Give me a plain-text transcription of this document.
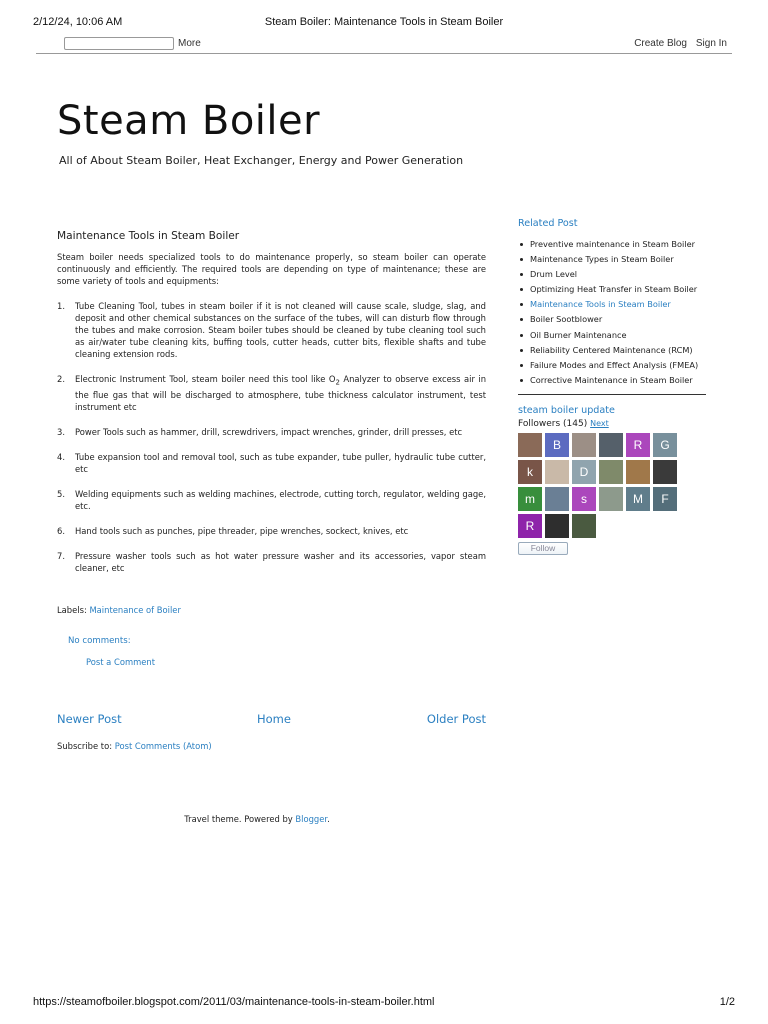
2/12/24, 10:06 AM	Steam Boiler: Maintenance Tools in Steam Boiler
More	Create Blog Sign In
Steam Boiler
All of About Steam Boiler, Heat Exchanger, Energy and Power Generation
Maintenance Tools in Steam Boiler

Steam boiler needs specialized tools to do maintenance properly, so steam boiler can operate continuously and efficiently. The required tools are depending on type of maintenance; these are some variety of tools and equipments:

1. Tube Cleaning Tool, tubes in steam boiler if it is not cleaned will cause scale, sludge, slag, and deposit and other chemical substances on the surface of the tubes, will can disturb flow through the tubes and make corrosion. Steam boiler tubes should be cleaned by tube cleaning tool such as air/water tube cleaning kits, buffing tools, cutter heads, cutter bits, flexible shafts and tube cleaning extension rods.
2. Electronic Instrument Tool, steam boiler need this tool like $O_2$ Analyzer to observe excess air in the flue gas that will be discharged to atmosphere, tube thickness calculator instrument, test instrument etc
3. Power Tools such as hammer, drill, screwdrivers, impact wrenches, grinder, drill presses, etc
4. Tube expansion tool and removal tool, such as tube expander, tube puller, hydraulic tube cutter, etc
5. Welding equipments such as welding machines, electrode, cutting torch, regulator, welding gage, etc.
6. Hand tools such as punches, pipe threader, pipe wrenches, sockect, knives, etc
7. Pressure washer tools such as hot water pressure washer and its accessories, vapor steam cleaner, etc
Labels: Maintenance of Boiler
No comments:
Post a Comment
Newer Post	Home	Older Post
Subscribe to: Post Comments (Atom)
Travel theme. Powered by Blogger.
Related Post
Preventive maintenance in Steam Boiler
Maintenance Types in Steam Boiler
Drum Level
Optimizing Heat Transfer in Steam Boiler
Maintenance Tools in Steam Boiler
Boiler Sootblower
Oil Burner Maintenance
Reliability Centered Maintenance (RCM)
Failure Modes and Effect Analysis (FMEA)
Corrective Maintenance in Steam Boiler
steam boiler update
Followers (145) Next
B	R	G
k	D
m	s	M	F
R
Follow
https://steamofboiler.blogspot.com/2011/03/maintenance-tools-in-steam-boiler.html	1/2
